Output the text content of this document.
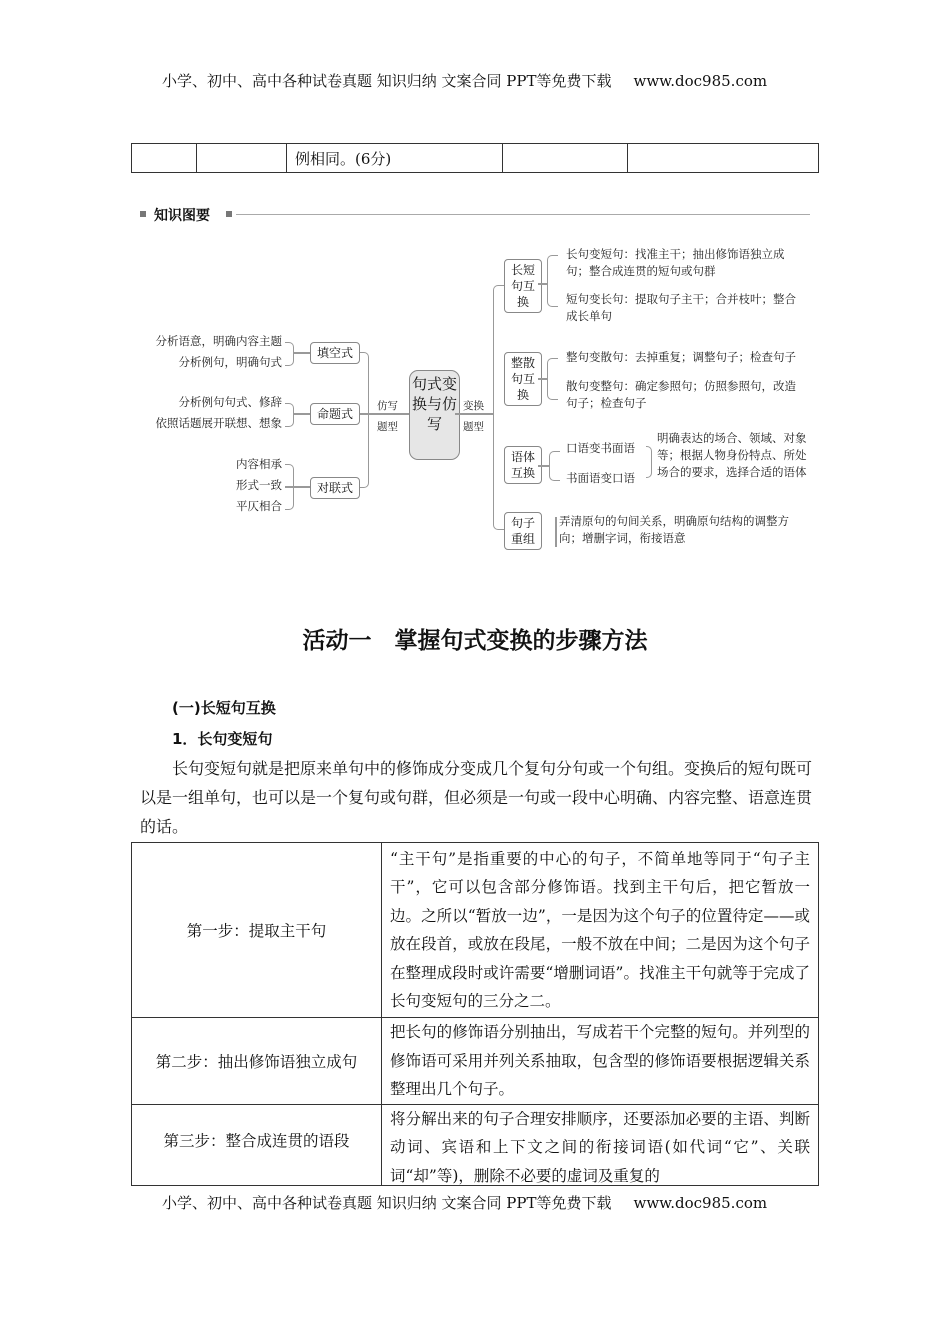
小学、初中、高中各种试卷真题 知识归纳 文案合同 PPT等免费下载 www.doc985.com
		例相同。(6分)		
知识图要
句式变换与仿写
仿写
题型
变换
题型
填空式
命题式
对联式
分析语意，明确内容主题
分析例句，明确句式
分析例句句式、修辞
依照话题展开联想、想象
内容相承
形式一致
平仄相合
长短句互换
整散句互换
语体互换
句子重组
长句变短句：找准主干；抽出修饰语独立成句；整合成连贯的短句或句群
短句变长句：提取句子主干；合并枝叶；整合成长单句
整句变散句：去掉重复；调整句子；检查句子
散句变整句：确定参照句；仿照参照句，改造句子；检查句子
口语变书面语
书面语变口语
明确表达的场合、领域、对象等；根据人物身份特点、所处场合的要求，选择合适的语体
弄清原句的句间关系，明确原句结构的调整方向；增删字词，衔接语意
活动一　掌握句式变换的步骤方法
(一)长短句互换
1．长句变短句
长句变短句就是把原来单句中的修饰成分变成几个复句分句或一个句组。变换后的短句既可以是一组单句，也可以是一个复句或句群，但必须是一句或一段中心明确、内容完整、语意连贯的话。
第一步：提取主干句	“主干句”是指重要的中心的句子，不简单地等同于“句子主干”，它可以包含部分修饰语。找到主干句后，把它暂放一边。之所以“暂放一边”，一是因为这个句子的位置待定——或放在段首，或放在段尾，一般不放在中间；二是因为这个句子在整理成段时或许需要“增删词语”。找准主干句就等于完成了长句变短句的三分之二。
第二步：抽出修饰语独立成句	把长句的修饰语分别抽出，写成若干个完整的短句。并列型的修饰语可采用并列关系抽取，包含型的修饰语要根据逻辑关系整理出几个句子。
第三步：整合成连贯的语段	将分解出来的句子合理安排顺序，还要添加必要的主语、判断动词、宾语和上下文之间的衔接词语(如代词“它”、关联词“却”等)，删除不必要的虚词及重复的
小学、初中、高中各种试卷真题 知识归纳 文案合同 PPT等免费下载 www.doc985.com
